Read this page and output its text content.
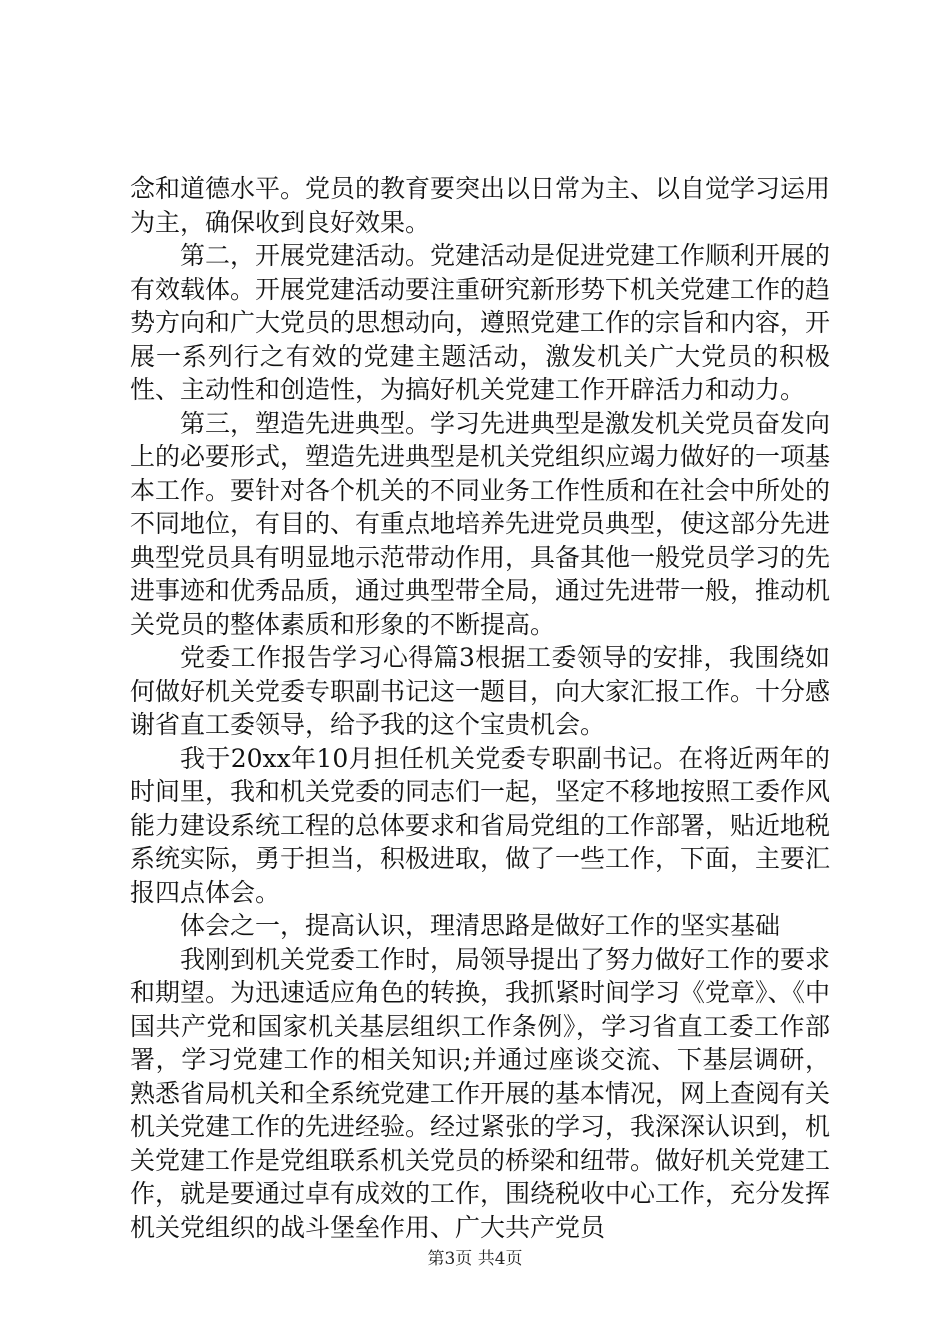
念和道德水平。党员的教育要突出以日常为主、以自觉学习运用为主，确保收到良好效果。

第二，开展党建活动。党建活动是促进党建工作顺利开展的有效载体。开展党建活动要注重研究新形势下机关党建工作的趋势方向和广大党员的思想动向，遵照党建工作的宗旨和内容，开展一系列行之有效的党建主题活动，激发机关广大党员的积极性、主动性和创造性，为搞好机关党建工作开辟活力和动力。

第三，塑造先进典型。学习先进典型是激发机关党员奋发向上的必要形式，塑造先进典型是机关党组织应竭力做好的一项基本工作。要针对各个机关的不同业务工作性质和在社会中所处的不同地位，有目的、有重点地培养先进党员典型，使这部分先进典型党员具有明显地示范带动作用，具备其他一般党员学习的先进事迹和优秀品质，通过典型带全局，通过先进带一般，推动机关党员的整体素质和形象的不断提高。

党委工作报告学习心得篇3根据工委领导的安排，我围绕如何做好机关党委专职副书记这一题目，向大家汇报工作。十分感谢省直工委领导，给予我的这个宝贵机会。

我于20xx年10月担任机关党委专职副书记。在将近两年的时间里，我和机关党委的同志们一起，坚定不移地按照工委作风能力建设系统工程的总体要求和省局党组的工作部署，贴近地税系统实际，勇于担当，积极进取，做了一些工作，下面，主要汇报四点体会。

体会之一，提高认识，理清思路是做好工作的坚实基础

我刚到机关党委工作时，局领导提出了努力做好工作的要求和期望。为迅速适应角色的转换，我抓紧时间学习《党章》、《中国共产党和国家机关基层组织工作条例》，学习省直工委工作部署，学习党建工作的相关知识;并通过座谈交流、下基层调研，熟悉省局机关和全系统党建工作开展的基本情况，网上查阅有关机关党建工作的先进经验。经过紧张的学习，我深深认识到，机关党建工作是党组联系机关党员的桥梁和纽带。做好机关党建工作，就是要通过卓有成效的工作，围绕税收中心工作，充分发挥机关党组织的战斗堡垒作用、广大共产党员

第3页 共4页
